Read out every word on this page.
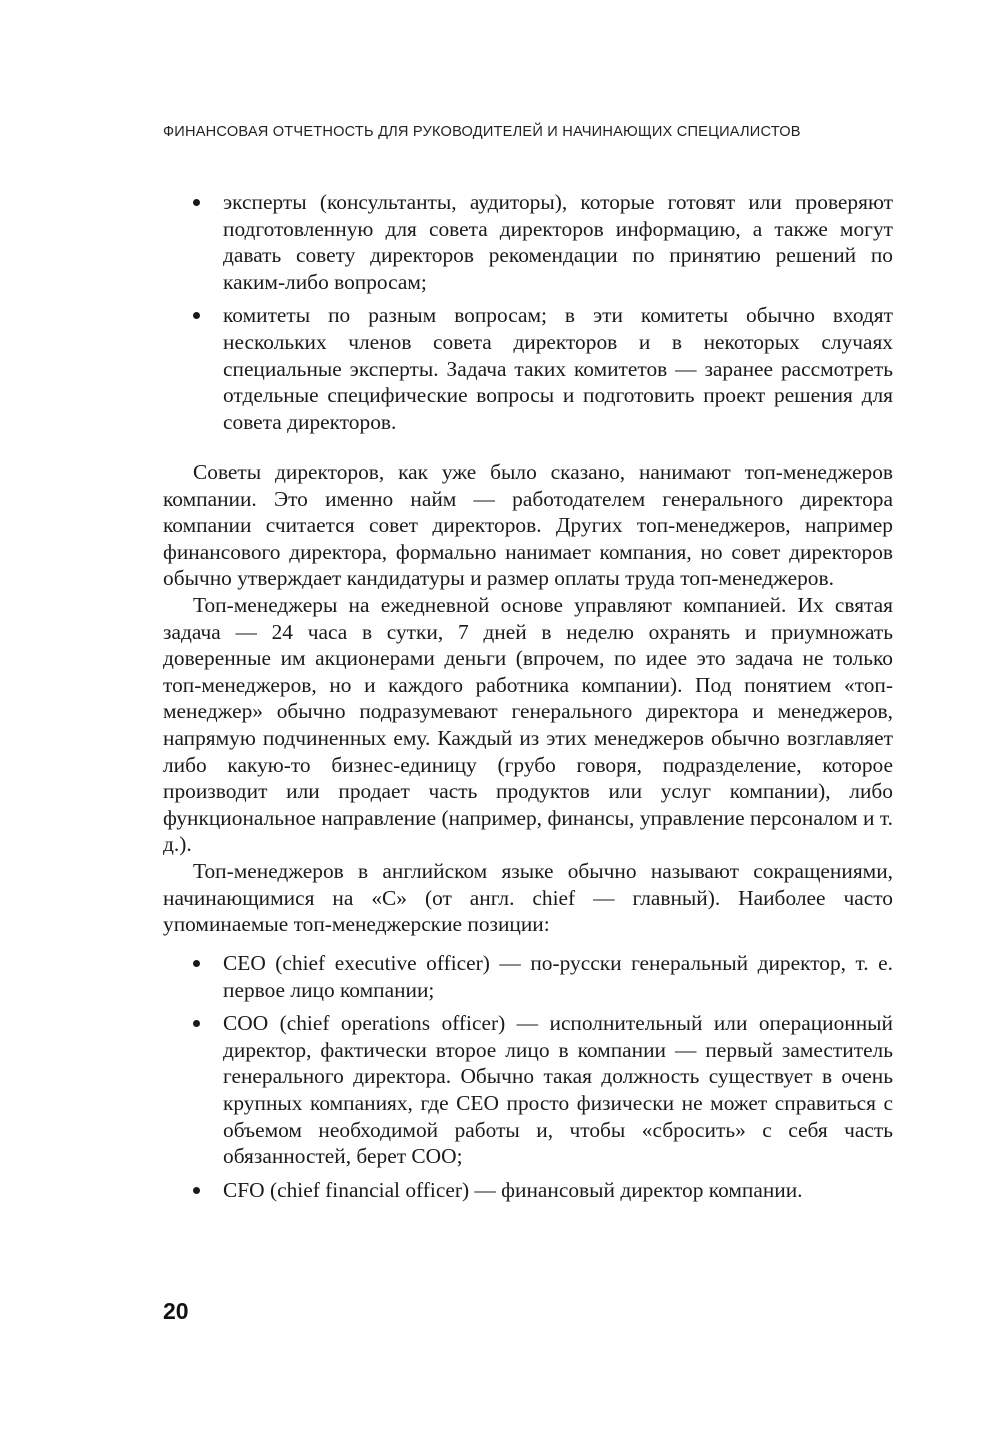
ФИНАНСОВАЯ ОТЧЕТНОСТЬ ДЛЯ РУКОВОДИТЕЛЕЙ И НАЧИНАЮЩИХ СПЕЦИАЛИСТОВ
эксперты (консультанты, аудиторы), которые готовят или проверяют подготовленную для совета директоров информацию, а также могут давать совету директоров рекомендации по принятию решений по каким-либо вопросам;
комитеты по разным вопросам; в эти комитеты обычно входят нескольких членов совета директоров и в некоторых случаях специальные эксперты. Задача таких комитетов — заранее рассмотреть отдельные специфические вопросы и подготовить проект решения для совета директоров.

Советы директоров, как уже было сказано, нанимают топ-менеджеров компании. Это именно найм — работодателем генерального директора компании считается совет директоров. Других топ-менеджеров, например финансового директора, формально нанимает компания, но совет директоров обычно утверждает кандидатуры и размер оплаты труда топ-менеджеров.

Топ-менеджеры на ежедневной основе управляют компанией. Их святая задача — 24 часа в сутки, 7 дней в неделю охранять и приумножать доверенные им акционерами деньги (впрочем, по идее это задача не только топ-менеджеров, но и каждого работника компании). Под понятием «топ-менеджер» обычно подразумевают генерального директора и менеджеров, напрямую подчиненных ему. Каждый из этих менеджеров обычно возглавляет либо какую-то бизнес-единицу (грубо говоря, подразделение, которое производит или продает часть продуктов или услуг компании), либо функциональное направление (например, финансы, управление персоналом и т. д.).

Топ-менеджеров в английском языке обычно называют сокращениями, начинающимися на «C» (от англ. chief — главный). Наиболее часто упоминаемые топ-менеджерские позиции:

CEO (chief executive officer) — по-русски генеральный директор, т. е. первое лицо компании;
COO (chief operations officer) — исполнительный или операционный директор, фактически второе лицо в компании — первый заместитель генерального директора. Обычно такая должность существует в очень крупных компаниях, где CEO просто физически не может справиться с объемом необходимой работы и, чтобы «сбросить» с себя часть обязанностей, берет COO;
CFO (chief financial officer) — финансовый директор компании.
20
